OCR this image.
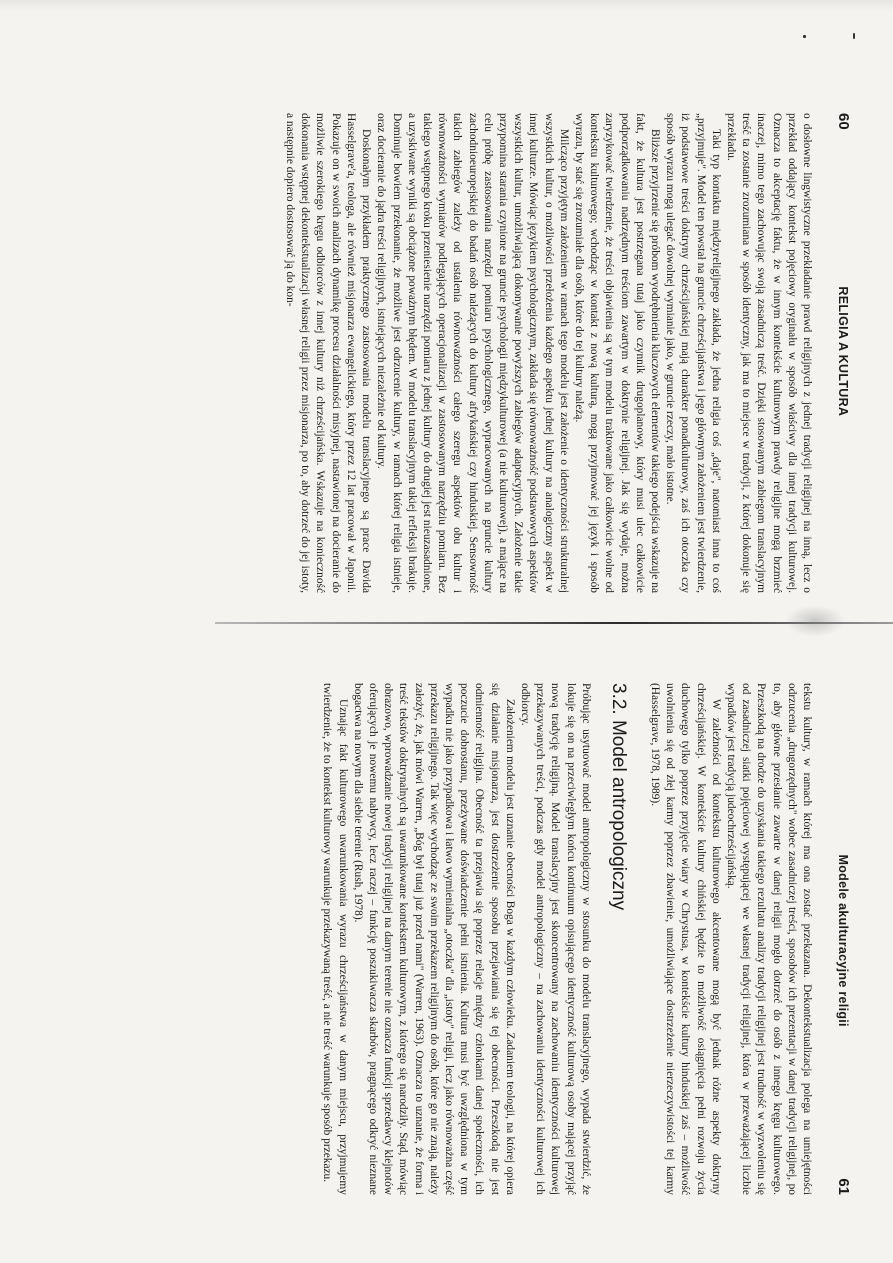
60
RELIGIA A KULTURA

o dosłowne lingwistyczne przekładanie prawd religijnych z jednej tradycji religijnej na inną, lecz o przekład oddający kontekst pojęciowy oryginału w sposób właściwy dla innej tradycji kulturowej. Oznacza to akceptację faktu, że w innym kontekście kulturowym prawdy religijne mogą brzmieć inaczej, mimo tego zachowując swoją zasadniczą treść. Dzięki stosowanym zabiegom translacyjnym treść ta zostanie zrozumiana w sposób identyczny, jak ma to miejsce w tradycji, z której dokonuje się przekładu.

Taki typ kontaktu międzyreligijnego zakłada, że jedna religia coś „daje", natomiast inna to coś „przyjmuje". Model ten powstał na gruncie chrześcijaństwa i jego głównym założeniem jest twierdzenie, iż podstawowe treści doktryny chrześcijańskiej mają charakter ponadkulturowy, zaś ich otoczka czy sposób wyrazu mogą ulegać dowolnej wymianie jako, w gruncie rzeczy, mało istotne.

Bliższe przyjrzenie się próbom wyodrębnienia kluczowych elementów takiego podejścia wskazuje na fakt, że kultura jest postrzegana tutaj jako czynnik drugoplanowy, który musi ulec całkowicie podporządkowaniu nadrzędnym treściom zawartym w doktrynie religijnej. Jak się wydaje, można zaryzykować twierdzenie, że treści objawienia są w tym modelu traktowane jako całkowicie wolne od kontekstu kulturowego; wchodząc w kontakt z nową kulturą, mogą przyjmować jej język i sposób wyrazu, by stać się zrozumiałe dla osób, które do tej kultury należą.

Milcząco przyjętym założeniem w ramach tego modelu jest założenie o identyczności strukturalnej wszystkich kultur, o możliwości przełożenia każdego aspektu jednej kultury na analogiczny aspekt w innej kulturze. Mówiąc językiem psychologicznym, zakłada się równoważność podstawowych aspektów wszystkich kultur, umożliwiającą dokonywanie powyższych zabiegów adaptacyjnych. Założenie takie przypomina starania czynione na gruncie psychologii międzykulturowej (a nie kulturowej), a mające na celu próbę zastosowania narzędzi pomiaru psychologicznego, wypracowanych na gruncie kultury zachodnioeuropejskiej do badań osób należących do kultury afrykańskiej czy hinduskiej. Sensowność takich zabiegów zależy od ustalenia równoważności całego szeregu aspektów obu kultur i równoważności wymiarów podlegających operacjonalizacji w zastosowanym narzędziu pomiaru. Bez takiego wstępnego kroku przeniesienie narzędzi pomiaru z jednej kultury do drugiej jest nieuzasadnione, a uzyskiwane wyniki są obciążone poważnym błędem. W modelu translacyjnym takiej refleksji brakuje. Dominuje bowiem przekonanie, że możliwe jest odrzucenie kultury, w ramach której religia istnieje, oraz docieranie do jądra treści religijnych, istniejących niezależnie od kultury.

Doskonałym przykładem praktycznego zastosowania modelu translacyjnego są prace Davida Hasselgrave'a, teologa, ale również misjonarza ewangelickiego, który przez 12 lat pracował w Japonii. Pokazuje on w swoich analizach dynamikę procesu działalności misyjnej, nastawionej na docieranie do możliwie szerokiego kręgu odbiorców z innej kultury niż chrześcijańska. Wskazuje na konieczność dokonania wstępnej dekontekstualizacji własnej religii przez misjonarza, po to, aby dotrzeć do jej istoty, a następnie dopiero dostosować ją do kon-

Modele akulturacyjne religii
61

tekstu kultury, w ramach której ma ona zostać przekazana. Dekontekstualizacja polega na umiejętności odrzucenia „drugorzędnych" wobec zasadniczej treści, sposobów ich prezentacji w danej tradycji religijnej, po to, aby główne przesłanie zawarte w danej religii mogło dotrzeć do osób z innego kręgu kulturowego. Przeszkodą na drodze do uzyskania takiego rezultatu analizy tradycji religijnej jest trudność w wyzwoleniu się od zasadniczej siatki pojęciowej występującej we własnej tradycji religijnej, która w przeważającej liczbie wypadków jest tradycją judeochrześcijańską.

W zależności od kontekstu kulturowego akcentowane mogą być jednak różne aspekty doktryny chrześcijańskiej. W kontekście kultury chińskiej będzie to możliwość osiągnięcia pełni rozwoju życia duchowego tylko poprzez przyjęcie wiary w Chrystusa, w kontekście kultury hinduskiej zaś – możliwość uwolnienia się od złej karmy poprzez zbawienie, umożliwiające dostrzeżenie nierzeczywistości tej karmy (Hasselgrave, 1978, 1989).

3.2. Model antropologiczny

Próbując usytuować model antropologiczny w stosunku do modelu translacyjnego, wypada stwierdzić, że lokuje się on na przeciwległym końcu kontinuum opisującego identyczność kulturową osoby mającej przyjąć nową tradycję religijną. Model translacyjny jest skoncentrowany na zachowaniu identyczności kulturowej przekazywanych treści, podczas gdy model antropologiczny – na zachowaniu identyczności kulturowej ich odbiorcy.

Założeniem modelu jest uznanie obecności Boga w każdym człowieku. Zadaniem teologii, na której opiera się działanie misjonarza, jest dostrzeżenie sposobu przejawiania się tej obecności. Przeszkodą nie jest odmienność religijna. Obecność ta przejawia się poprzez relacje między członkami danej społeczności, ich poczucie dobrostanu, przeżywane doświadczenie pełni istnienia. Kultura musi być uwzględniona w tym wypadku nie jako przypadkowa i łatwo wymienialna „otoczka" dla „istoty" religii, lecz jako równoważna część przekazu religijnego. Tak więc wychodząc ze swoim przekazem religijnym do osób, które go nie znają, należy założyć, że, jak mówi Warren, „Bóg był tutaj już przed nami" (Warren, 1963). Oznacza to uznanie, że forma i treść tekstów doktrynalnych są uwarunkowane kontekstem kulturowym, z którego się narodziły. Stąd, mówiąc obrazowo, wprowadzanie nowej tradycji religijnej na danym terenie nie oznacza funkcji sprzedawcy klejnotów oferujących je nowemu nabywcy, lecz raczej – funkcję poszukiwacza skarbów, pragnącego odkryć nieznane bogactwa na nowym dla siebie terenie (Rush, 1978).

Uznając fakt kulturowego uwarunkowania wyrazu chrześcijaństwa w danym miejscu, przyjmujemy twierdzenie, że to kontekst kulturowy warunkuje przekazywaną treść, a nie treść warunkuje sposób przekazu.
